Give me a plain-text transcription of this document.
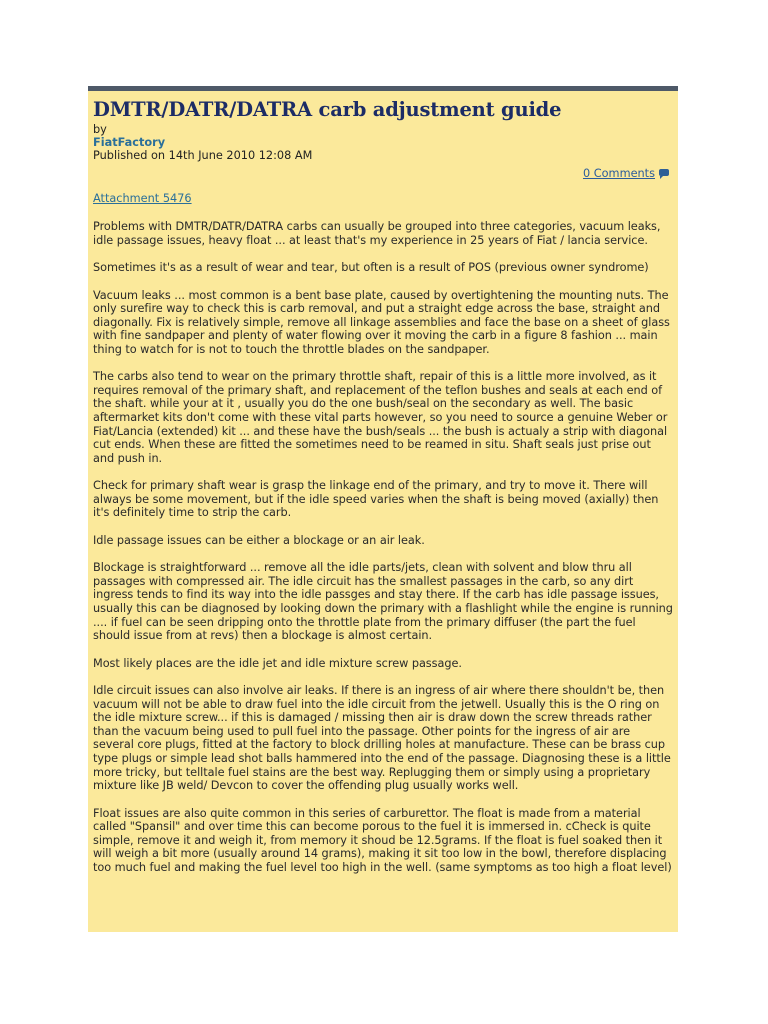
DMTR/DATR/DATRA carb adjustment guide
by
FiatFactory
Published on 14th June 2010 12:08 AM
0 Comments
Attachment 5476

Problems with DMTR/DATR/DATRA carbs can usually be grouped into three categories, vacuum leaks, idle passage issues, heavy float ... at least that's my experience in 25 years of Fiat / lancia service.

Sometimes it's as a result of wear and tear, but often is a result of POS (previous owner syndrome)

Vacuum leaks ... most common is a bent base plate, caused by overtightening the mounting nuts. The only surefire way to check this is carb removal, and put a straight edge across the base, straight and diagonally. Fix is relatively simple, remove all linkage assemblies and face the base on a sheet of glass with fine sandpaper and plenty of water flowing over it moving the carb in a figure 8 fashion ... main thing to watch for is not to touch the throttle blades on the sandpaper.

The carbs also tend to wear on the primary throttle shaft, repair of this is a little more involved, as it requires removal of the primary shaft, and replacement of the teflon bushes and seals at each end of the shaft. while your at it , usually you do the one bush/seal on the secondary as well. The basic aftermarket kits don't come with these vital parts however, so you need to source a genuine Weber or Fiat/Lancia (extended) kit ... and these have the bush/seals ... the bush is actualy a strip with diagonal cut ends. When these are fitted the sometimes need to be reamed in situ. Shaft seals just prise out and push in.

Check for primary shaft wear is grasp the linkage end of the primary, and try to move it. There will always be some movement, but if the idle speed varies when the shaft is being moved (axially) then it's definitely time to strip the carb.

Idle passage issues can be either a blockage or an air leak.

Blockage is straightforward ... remove all the idle parts/jets, clean with solvent and blow thru all passages with compressed air. The idle circuit has the smallest passages in the carb, so any dirt ingress tends to find its way into the idle passges and stay there. If the carb has idle passage issues, usually this can be diagnosed by looking down the primary with a flashlight while the engine is running .... if fuel can be seen dripping onto the throttle plate from the primary diffuser (the part the fuel should issue from at revs) then a blockage is almost certain.

Most likely places are the idle jet and idle mixture screw passage.

Idle circuit issues can also involve air leaks. If there is an ingress of air where there shouldn't be, then vacuum will not be able to draw fuel into the idle circuit from the jetwell. Usually this is the O ring on the idle mixture screw... if this is damaged / missing then air is draw down the screw threads rather than the vacuum being used to pull fuel into the passage. Other points for the ingress of air are several core plugs, fitted at the factory to block drilling holes at manufacture. These can be brass cup type plugs or simple lead shot balls hammered into the end of the passage. Diagnosing these is a little more tricky, but telltale fuel stains are the best way. Replugging them or simply using a proprietary mixture like JB weld/ Devcon to cover the offending plug usually works well.

Float issues are also quite common in this series of carburettor. The float is made from a material called "Spansil" and over time this can become porous to the fuel it is immersed in. cCheck is quite simple, remove it and weigh it, from memory it shoud be 12.5grams. If the float is fuel soaked then it will weigh a bit more (usually around 14 grams), making it sit too low in the bowl, therefore displacing too much fuel and making the fuel level too high in the well. (same symptoms as too high a float level)
